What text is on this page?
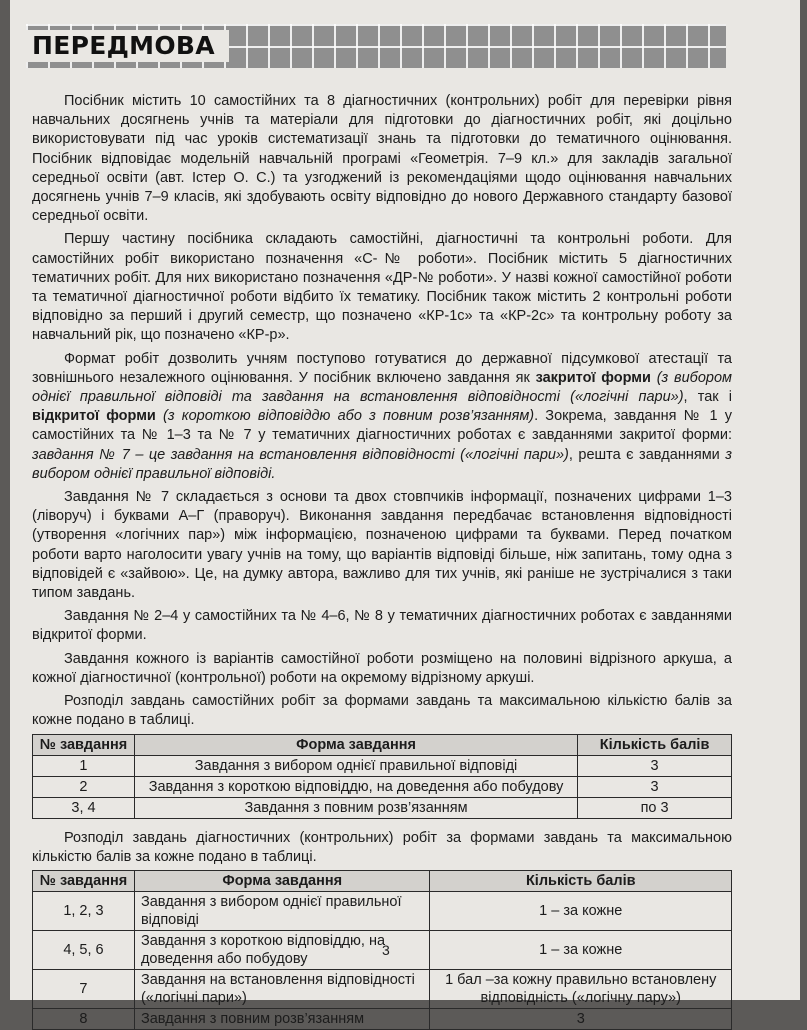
ПЕРЕДМОВА

Посібник містить 10 самостійних та 8 діагностичних (контрольних) робіт для перевірки рівня навчальних досягнень учнів та матеріали для підготовки до діагностичних робіт, які доцільно використовувати під час уроків систематизації знань та підготовки до тематичного оцінювання. Посібник відповідає модельній навчальній програмі «Геометрія. 7–9 кл.» для закладів загальної середньої освіти (авт. Істер О. С.) та узгоджений із рекомендаціями щодо оцінювання навчальних досягнень учнів 7–9 класів, які здобувають освіту відповідно до нового Державного стандарту базової середньої освіти.

Першу частину посібника складають самостійні, діагностичні та контрольні роботи. Для самостійних робіт використано позначення «С-№ роботи». Посібник містить 5 діагностичних тематичних робіт. Для них використано позначення «ДР-№ роботи». У назві кожної самостійної роботи та тематичної діагностичної роботи відбито їх тематику. Посібник також містить 2 контрольні роботи відповідно за перший і другий семестр, що позначено «КР-1с» та «КР-2с» та контрольну роботу за навчальний рік, що позначено «КР-р».

Формат робіт дозволить учням поступово готуватися до державної підсумкової атестації та зовнішнього незалежного оцінювання. У посібник включено завдання як закритої форми (з вибором однієї правильної відповіді та завдання на встановлення відповідності («логічні пари»), так і відкритої форми (з короткою відповіддю або з повним розв’язанням). Зокрема, завдання № 1 у самостійних та № 1–3 та № 7 у тематичних діагностичних роботах є завданнями закритої форми: завдання № 7 – це завдання на встановлення відповідності («логічні пари»), решта є завданнями з вибором однієї правильної відповіді.

Завдання № 7 складається з основи та двох стовпчиків інформації, позначених цифрами 1–3 (ліворуч) і буквами А–Г (праворуч). Виконання завдання передбачає встановлення відповідності (утворення «логічних пар») між інформацією, позначеною цифрами та буквами. Перед початком роботи варто наголосити увагу учнів на тому, що варіантів відповіді більше, ніж запитань, тому одна з відповідей є «зайвою». Це, на думку автора, важливо для тих учнів, які раніше не зустрічалися з таки типом завдань.

Завдання № 2–4 у самостійних та № 4–6, № 8 у тематичних діагностичних роботах є завданнями відкритої форми.

Завдання кожного із варіантів самостійної роботи розміщено на половині відрізного аркуша, а кожної діагностичної (контрольної) роботи на окремому відрізному аркуші.

Розподіл завдань самостійних робіт за формами завдань та максимальною кількістю балів за кожне подано в таблиці.

№ завдання	Форма завдання	Кількість балів
1	Завдання з вибором однієї правильної відповіді	3
2	Завдання з короткою відповіддю, на доведення або побудову	3
3, 4	Завдання з повним розв’язанням	по 3

Розподіл завдань діагностичних (контрольних) робіт за формами завдань та максимальною кількістю балів за кожне подано в таблиці.

№ завдання	Форма завдання	Кількість балів
1, 2, 3	Завдання з вибором однієї правильної відповіді	1 – за кожне
4, 5, 6	Завдання з короткою відповіддю, на доведення або побудову	1 – за кожне
7	Завдання на встановлення відповідності («логічні пари»)	1 бал –за кожну правильно встановлену відповідність («логічну пару»)
8	Завдання з повним розв’язанням	3
3
